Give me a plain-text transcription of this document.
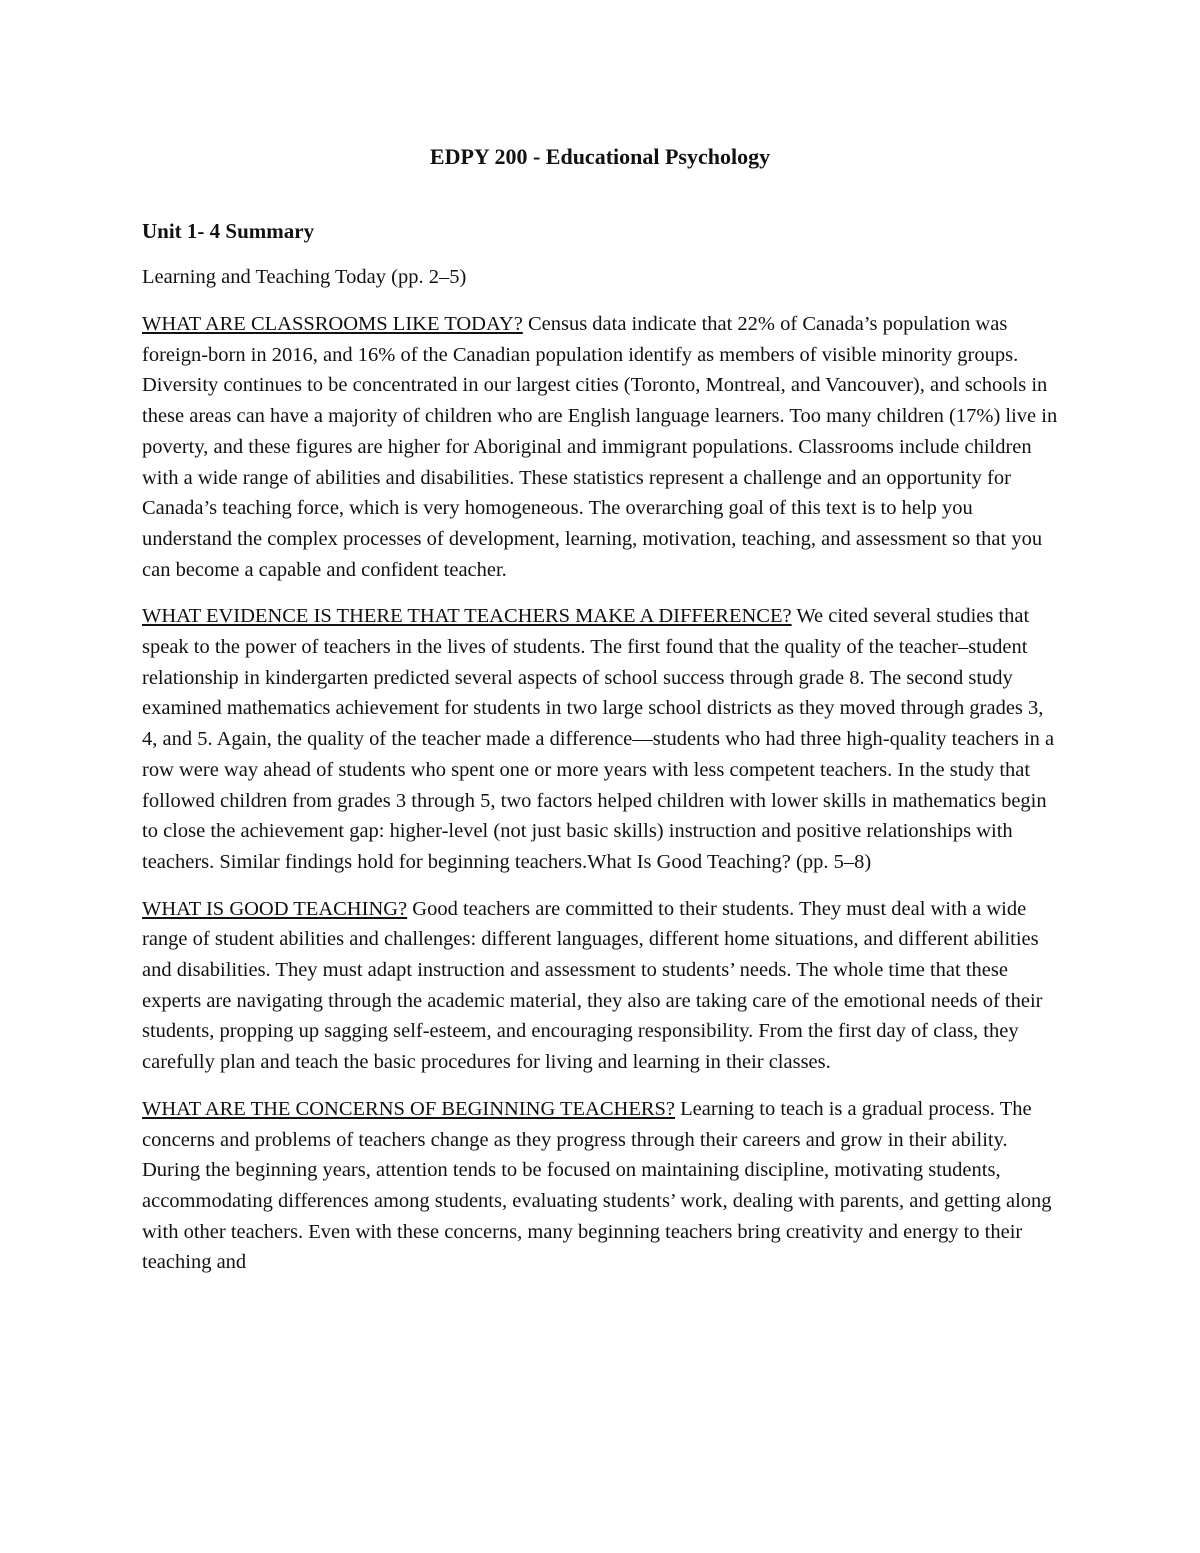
EDPY 200 - Educational Psychology
Unit 1- 4 Summary

Learning and Teaching Today (pp. 2–5)

WHAT ARE CLASSROOMS LIKE TODAY? Census data indicate that 22% of Canada’s population was foreign-born in 2016, and 16% of the Canadian population identify as members of visible minority groups. Diversity continues to be concentrated in our largest cities (Toronto, Montreal, and Vancouver), and schools in these areas can have a majority of children who are English language learners. Too many children (17%) live in poverty, and these figures are higher for Aboriginal and immigrant populations. Classrooms include children with a wide range of abilities and disabilities. These statistics represent a challenge and an opportunity for Canada’s teaching force, which is very homogeneous. The overarching goal of this text is to help you understand the complex processes of development, learning, motivation, teaching, and assessment so that you can become a capable and confident teacher.

WHAT EVIDENCE IS THERE THAT TEACHERS MAKE A DIFFERENCE? We cited several studies that speak to the power of teachers in the lives of students. The first found that the quality of the teacher–student relationship in kindergarten predicted several aspects of school success through grade 8. The second study examined mathematics achievement for students in two large school districts as they moved through grades 3, 4, and 5. Again, the quality of the teacher made a difference—students who had three high-quality teachers in a row were way ahead of students who spent one or more years with less competent teachers. In the study that followed children from grades 3 through 5, two factors helped children with lower skills in mathematics begin to close the achievement gap: higher-level (not just basic skills) instruction and positive relationships with teachers. Similar findings hold for beginning teachers.What Is Good Teaching? (pp. 5–8)

WHAT IS GOOD TEACHING? Good teachers are committed to their students. They must deal with a wide range of student abilities and challenges: different languages, different home situations, and different abilities and disabilities. They must adapt instruction and assessment to students’ needs. The whole time that these experts are navigating through the academic material, they also are taking care of the emotional needs of their students, propping up sagging self-esteem, and encouraging responsibility. From the first day of class, they carefully plan and teach the basic procedures for living and learning in their classes.

WHAT ARE THE CONCERNS OF BEGINNING TEACHERS? Learning to teach is a gradual process. The concerns and problems of teachers change as they progress through their careers and grow in their ability. During the beginning years, attention tends to be focused on maintaining discipline, motivating students, accommodating differences among students, evaluating students’ work, dealing with parents, and getting along with other teachers. Even with these concerns, many beginning teachers bring creativity and energy to their teaching and
